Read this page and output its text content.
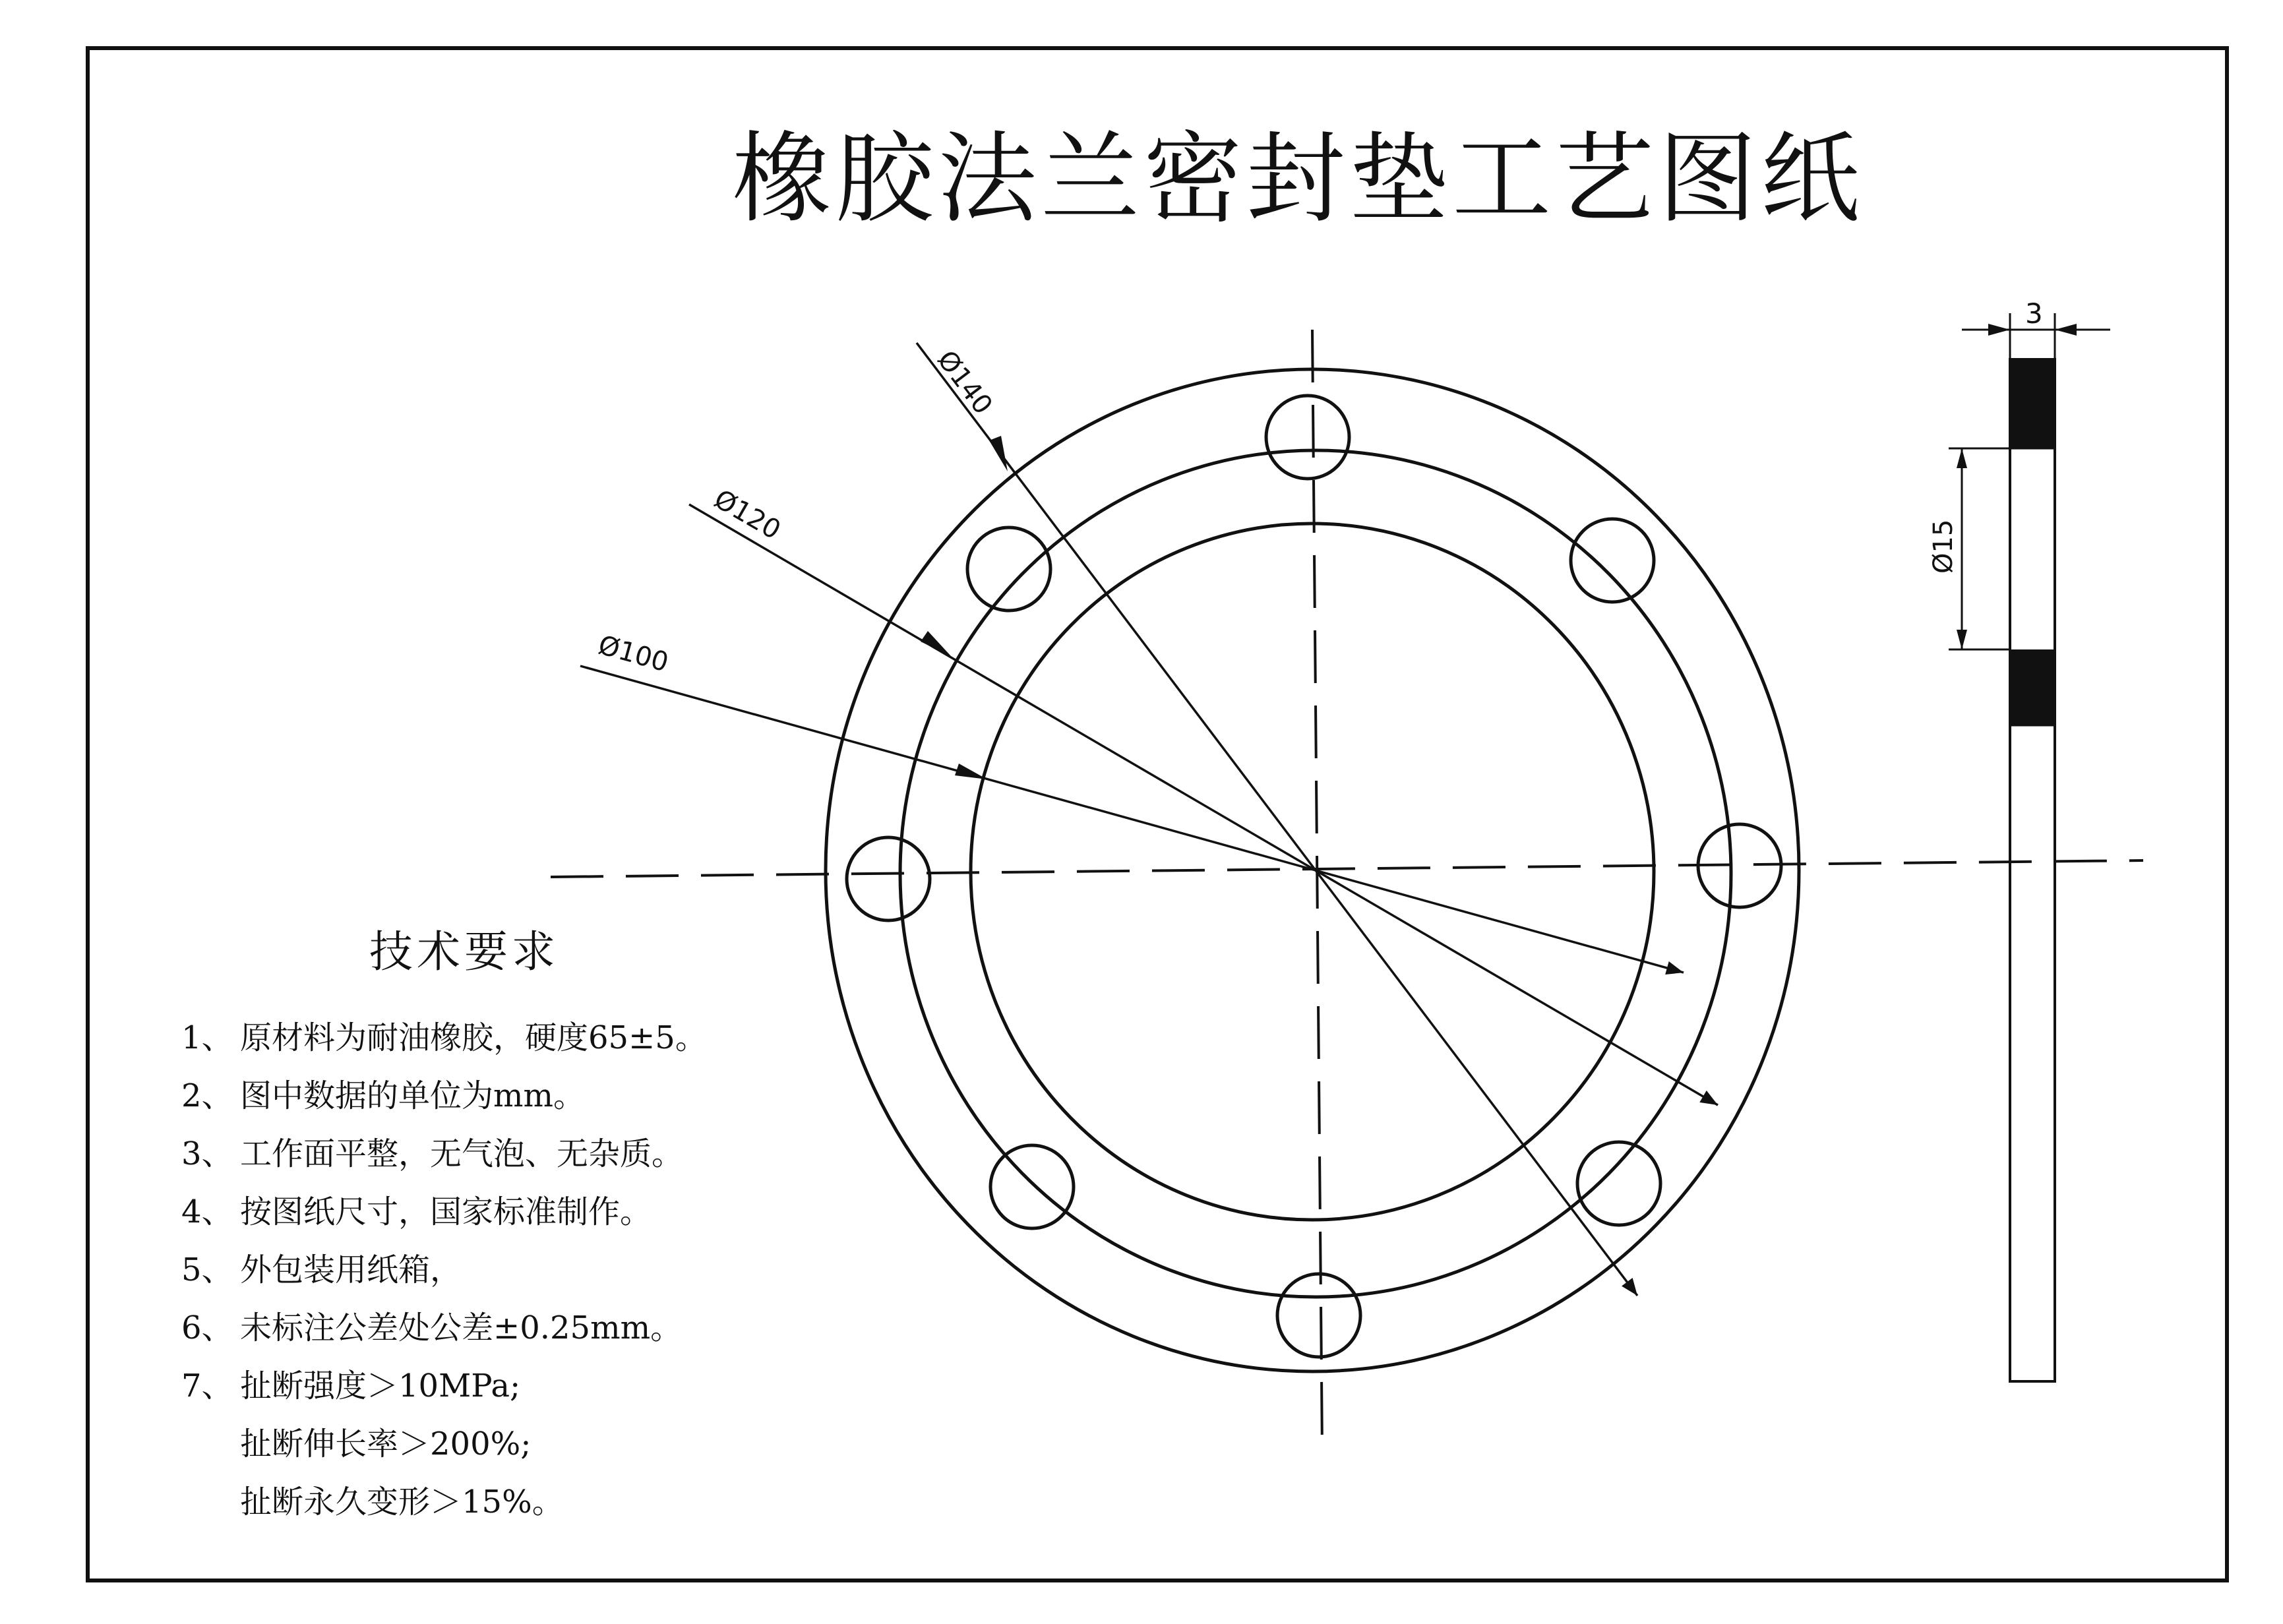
Ø140
Ø120
Ø100
3
Ø15
橡胶法兰密封垫工艺图纸
技术要求
1、 原材料为耐油橡胶，硬度65±5。
2、 图中数据的单位为mm。
3、 工作面平整，无气泡、无杂质。
4、 按图纸尺寸，国家标准制作。
5、 外包装用纸箱，
6、 未标注公差处公差±0.25mm。
7、 扯断强度＞10MPa;
扯断伸长率＞200%;
扯断永久变形＞15%。
